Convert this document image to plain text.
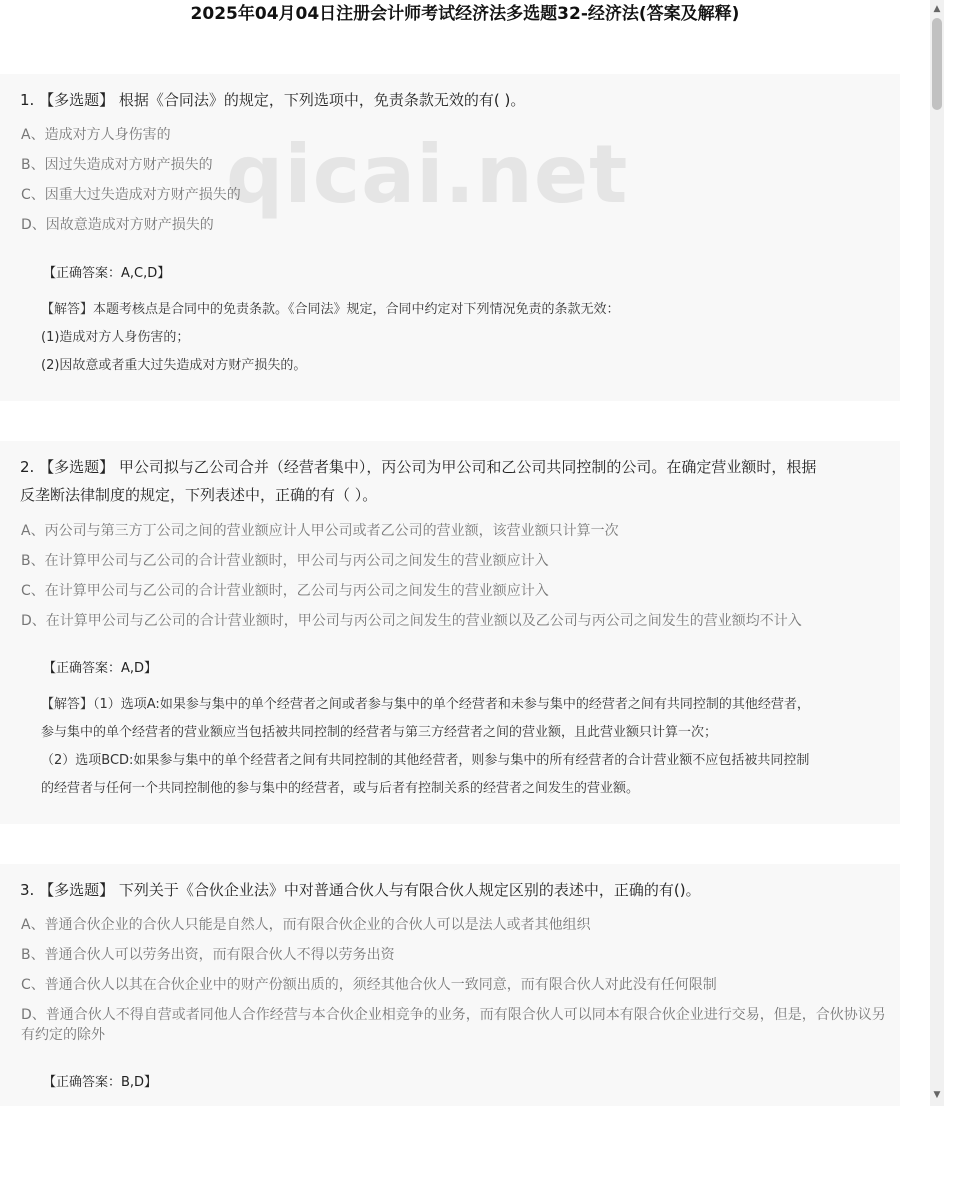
2025年04月04日注册会计师考试经济法多选题32-经济法(答案及解释)
1. 【多选题】 根据《合同法》的规定，下列选项中，免责条款无效的有( )。
A、造成对方人身伤害的
B、因过失造成对方财产损失的
C、因重大过失造成对方财产损失的
D、因故意造成对方财产损失的
【正确答案：A,C,D】

【解答】本题考核点是合同中的免责条款。《合同法》规定，合同中约定对下列情况免责的条款无效：

(1)造成对方人身伤害的；

(2)因故意或者重大过失造成对方财产损失的。

2. 【多选题】 甲公司拟与乙公司合并（经营者集中），丙公司为甲公司和乙公司共同控制的公司。在确定营业额时，根据
反垄断法律制度的规定，下列表述中，正确的有（ ）。
A、丙公司与第三方丁公司之间的营业额应计人甲公司或者乙公司的营业额，该营业额只计算一次
B、在计算甲公司与乙公司的合计营业额时，甲公司与丙公司之间发生的营业额应计入
C、在计算甲公司与乙公司的合计营业额时，乙公司与丙公司之间发生的营业额应计入
D、在计算甲公司与乙公司的合计营业额时，甲公司与丙公司之间发生的营业额以及乙公司与丙公司之间发生的营业额均不计入
【正确答案：A,D】

【解答】（1）选项A:如果参与集中的单个经营者之间或者参与集中的单个经营者和未参与集中的经营者之间有共同控制的其他经营者，

参与集中的单个经营者的营业额应当包括被共同控制的经营者与第三方经营者之间的营业额，且此营业额只计算一次；

（2）选项BCD:如果参与集中的单个经营者之间有共同控制的其他经营者，则参与集中的所有经营者的合计营业额不应包括被共同控制

的经营者与任何一个共同控制他的参与集中的经营者，或与后者有控制关系的经营者之间发生的营业额。

3. 【多选题】 下列关于《合伙企业法》中对普通合伙人与有限合伙人规定区别的表述中，正确的有()。
A、普通合伙企业的合伙人只能是自然人，而有限合伙企业的合伙人可以是法人或者其他组织
B、普通合伙人可以劳务出资，而有限合伙人不得以劳务出资
C、普通合伙人以其在合伙企业中的财产份额出质的，须经其他合伙人一致同意，而有限合伙人对此没有任何限制
D、普通合伙人不得自营或者同他人合作经营与本合伙企业相竞争的业务，而有限合伙人可以同本有限合伙企业进行交易，但是，合伙协议另有约定的除外
【正确答案：B,D】
▲
▼
